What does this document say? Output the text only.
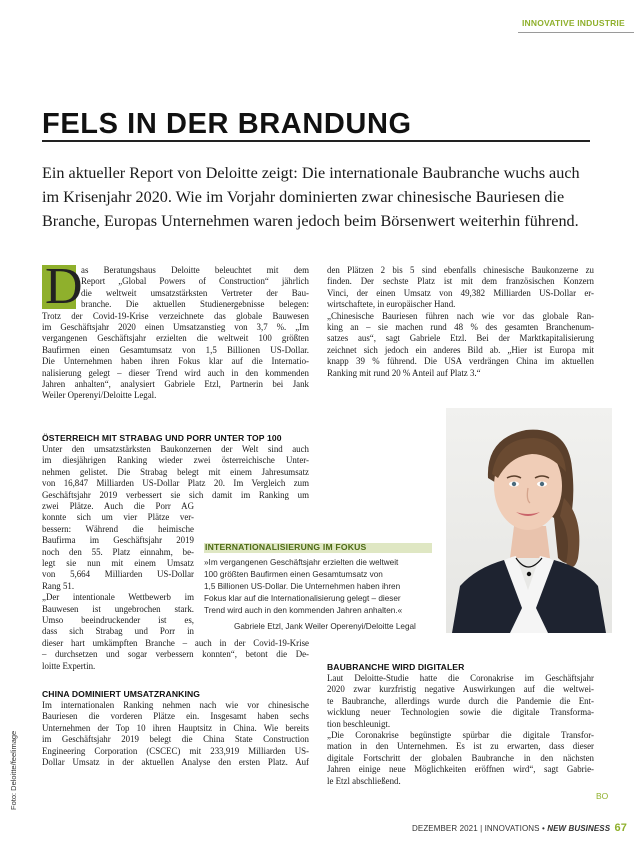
INNOVATIVE INDUSTRIE
FELS IN DER BRANDUNG

Ein aktueller Report von Deloitte zeigt: Die internationale Baubranche wuchs auch

im Krisenjahr 2020. Wie im Vorjahr dominierten zwar chinesische Bauriesen die

Branche, Europas Unternehmen waren jedoch beim Börsenwert weiterhin führend.

D
as Beratungshaus Deloitte beleuchtet mit dem
Report „Global Powers of Construction“ jährlich
die weltweit umsatzstärksten Vertreter der Bau-
branche. Die aktuellen Studienergebnisse belegen:
Trotz der Covid-19-Krise verzeichnete das globale Bauwesen
im Geschäftsjahr 2020 einen Umsatzanstieg von 3,7 %. „Im
vergangenen Geschäftsjahr erzielten die weltweit 100 größten
Baufirmen einen Gesamtumsatz von 1,5 Billionen US-Dollar.
Die Unternehmen haben ihren Fokus klar auf die Internatio-
nalisierung gelegt – dieser Trend wird auch in den kommenden
Jahren anhalten“, analysiert Gabriele Etzl, Partnerin bei Jank
Weiler Operenyi/Deloitte Legal.
ÖSTERREICH MIT STRABAG UND PORR UNTER TOP 100
Unter den umsatzstärksten Baukonzernen der Welt sind auch
im diesjährigen Ranking wieder zwei österreichische Unter-
nehmen gelistet. Die Strabag belegt mit einem Jahresumsatz
von 16,847 Milliarden US-Dollar Platz 20. Im Vergleich zum
Geschäftsjahr 2019 verbessert sie sich damit im Ranking um
zwei Plätze. Auch die Porr AG
konnte sich um vier Plätze ver-
bessern: Während die heimische
Baufirma im Geschäftsjahr 2019
noch den 55. Platz einnahm, be-
legt sie nun mit einem Umsatz
von 5,664 Milliarden US-Dollar
Rang 51.
„Der intentionale Wettbewerb im
Bauwesen ist ungebrochen stark.
Umso beeindruckender ist es,
dass sich Strabag und Porr in
dieser hart umkämpften Branche – auch in der Covid-19-Krise
– durchsetzen und sogar verbessern konnten“, betont die De-
loitte Expertin.
CHINA DOMINIERT UMSATZRANKING
Im internationalen Ranking nehmen nach wie vor chinesische
Bauriesen die vorderen Plätze ein. Insgesamt haben sechs
Unternehmen der Top 10 ihren Hauptsitz in China. Wie bereits
im Geschäftsjahr 2019 belegt die China State Construction
Engineering Corporation (CSCEC) mit 233,919 Milliarden US-
Dollar Umsatz in der aktuellen Analyse den ersten Platz. Auf
den Plätzen 2 bis 5 sind ebenfalls chinesische Baukonzerne zu
finden. Der sechste Platz ist mit dem französischen Konzern
Vinci, der einen Umsatz von 49,382 Milliarden US-Dollar er-
wirtschaftete, in europäischer Hand.
„Chinesische Bauriesen führen nach wie vor das globale Ran-
king an – sie machen rund 48 % des gesamten Branchenum-
satzes aus“, sagt Gabriele Etzl. Bei der Marktkapitalisierung
zeichnet sich jedoch ein anderes Bild ab. „Hier ist Europa mit
knapp 39 % führend. Die USA verdrängen China im aktuellen
Ranking mit rund 20 % Anteil auf Platz 3.“
INTERNATIONALISIERUNG IM FOKUS
»Im vergangenen Geschäftsjahr erzielten die weltweit
100 größten Baufirmen einen Gesamtumsatz von
1,5 Billionen US-Dollar. Die Unternehmen haben ihren
Fokus klar auf die Internationalisierung gelegt – dieser
Trend wird auch in den kommenden Jahren anhalten.«
Gabriele Etzl, Jank Weiler Operenyi/Deloitte Legal
BAUBRANCHE WIRD DIGITALER
Laut Deloitte-Studie hatte die Coronakrise im Geschäftsjahr
2020 zwar kurzfristig negative Auswirkungen auf die weltwei-
te Baubranche, allerdings wurde durch die Pandemie die Ent-
wicklung neuer Technologien sowie die digitale Transforma-
tion beschleunigt.
„Die Coronakrise begünstigte spürbar die digitale Transfor-
mation in den Unternehmen. Es ist zu erwarten, dass dieser
digitale Fortschritt der globalen Baubranche in den nächsten
Jahren einige neue Möglichkeiten eröffnen wird“, sagt Gabrie-
le Etzl abschließend.
BO
Foto: Deloitte/feelimage
DEZEMBER 2021 | INNOVATIONS • NEW BUSINESS 67
